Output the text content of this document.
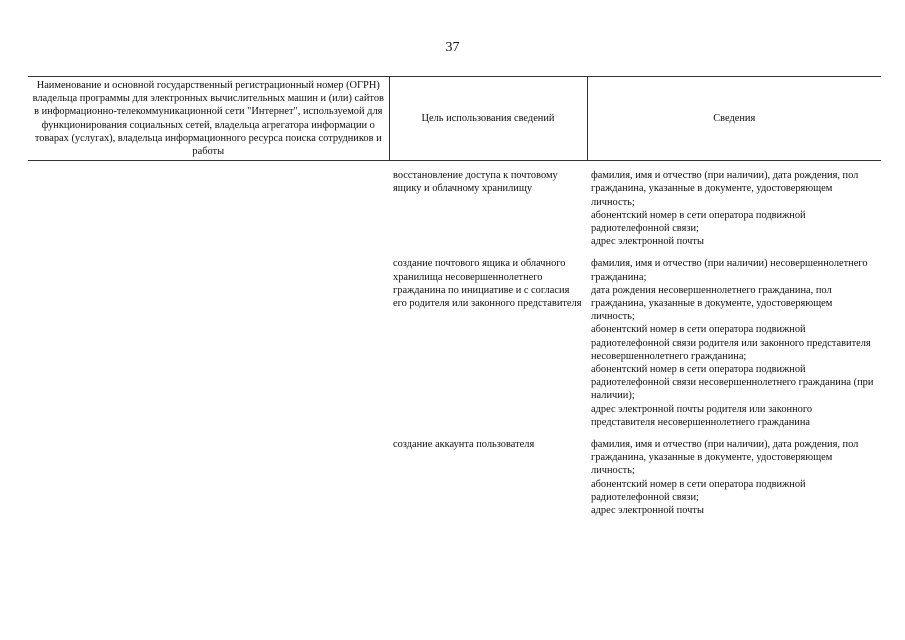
37
Наименование и основной государственный регистрационный номер (ОГРН) владельца программы для электронных вычислительных машин и (или) сайтов в информационно-телекоммуникационной сети "Интернет", используемой для функционирования социальных сетей, владельца агрегатора информации о товарах (услугах), владельца информационного ресурса поиска сотрудников и работы	Цель использования сведений	Сведения

	восстановление доступа к почтовому ящику и облачному хранилищу	фамилия, имя и отчество (при наличии), дата рождения, пол гражданина, указанные в документе, удостоверяющем личность;
абонентский номер в сети оператора подвижной радиотелефонной связи;
адрес электронной почты

	создание почтового ящика и облачного хранилища несовершеннолетнего гражданина по инициативе и с согласия его родителя или законного представителя	фамилия, имя и отчество (при наличии) несовершеннолетнего гражданина;
дата рождения несовершеннолетнего гражданина, пол гражданина, указанные в документе, удостоверяющем личность;
абонентский номер в сети оператора подвижной радиотелефонной связи родителя или законного представителя несовершеннолетнего гражданина;
абонентский номер в сети оператора подвижной радиотелефонной связи несовершеннолетнего гражданина (при наличии);
адрес электронной почты родителя или законного представителя несовершеннолетнего гражданина

	создание аккаунта пользователя	фамилия, имя и отчество (при наличии), дата рождения, пол гражданина, указанные в документе, удостоверяющем личность;
абонентский номер в сети оператора подвижной радиотелефонной связи;
адрес электронной почты
